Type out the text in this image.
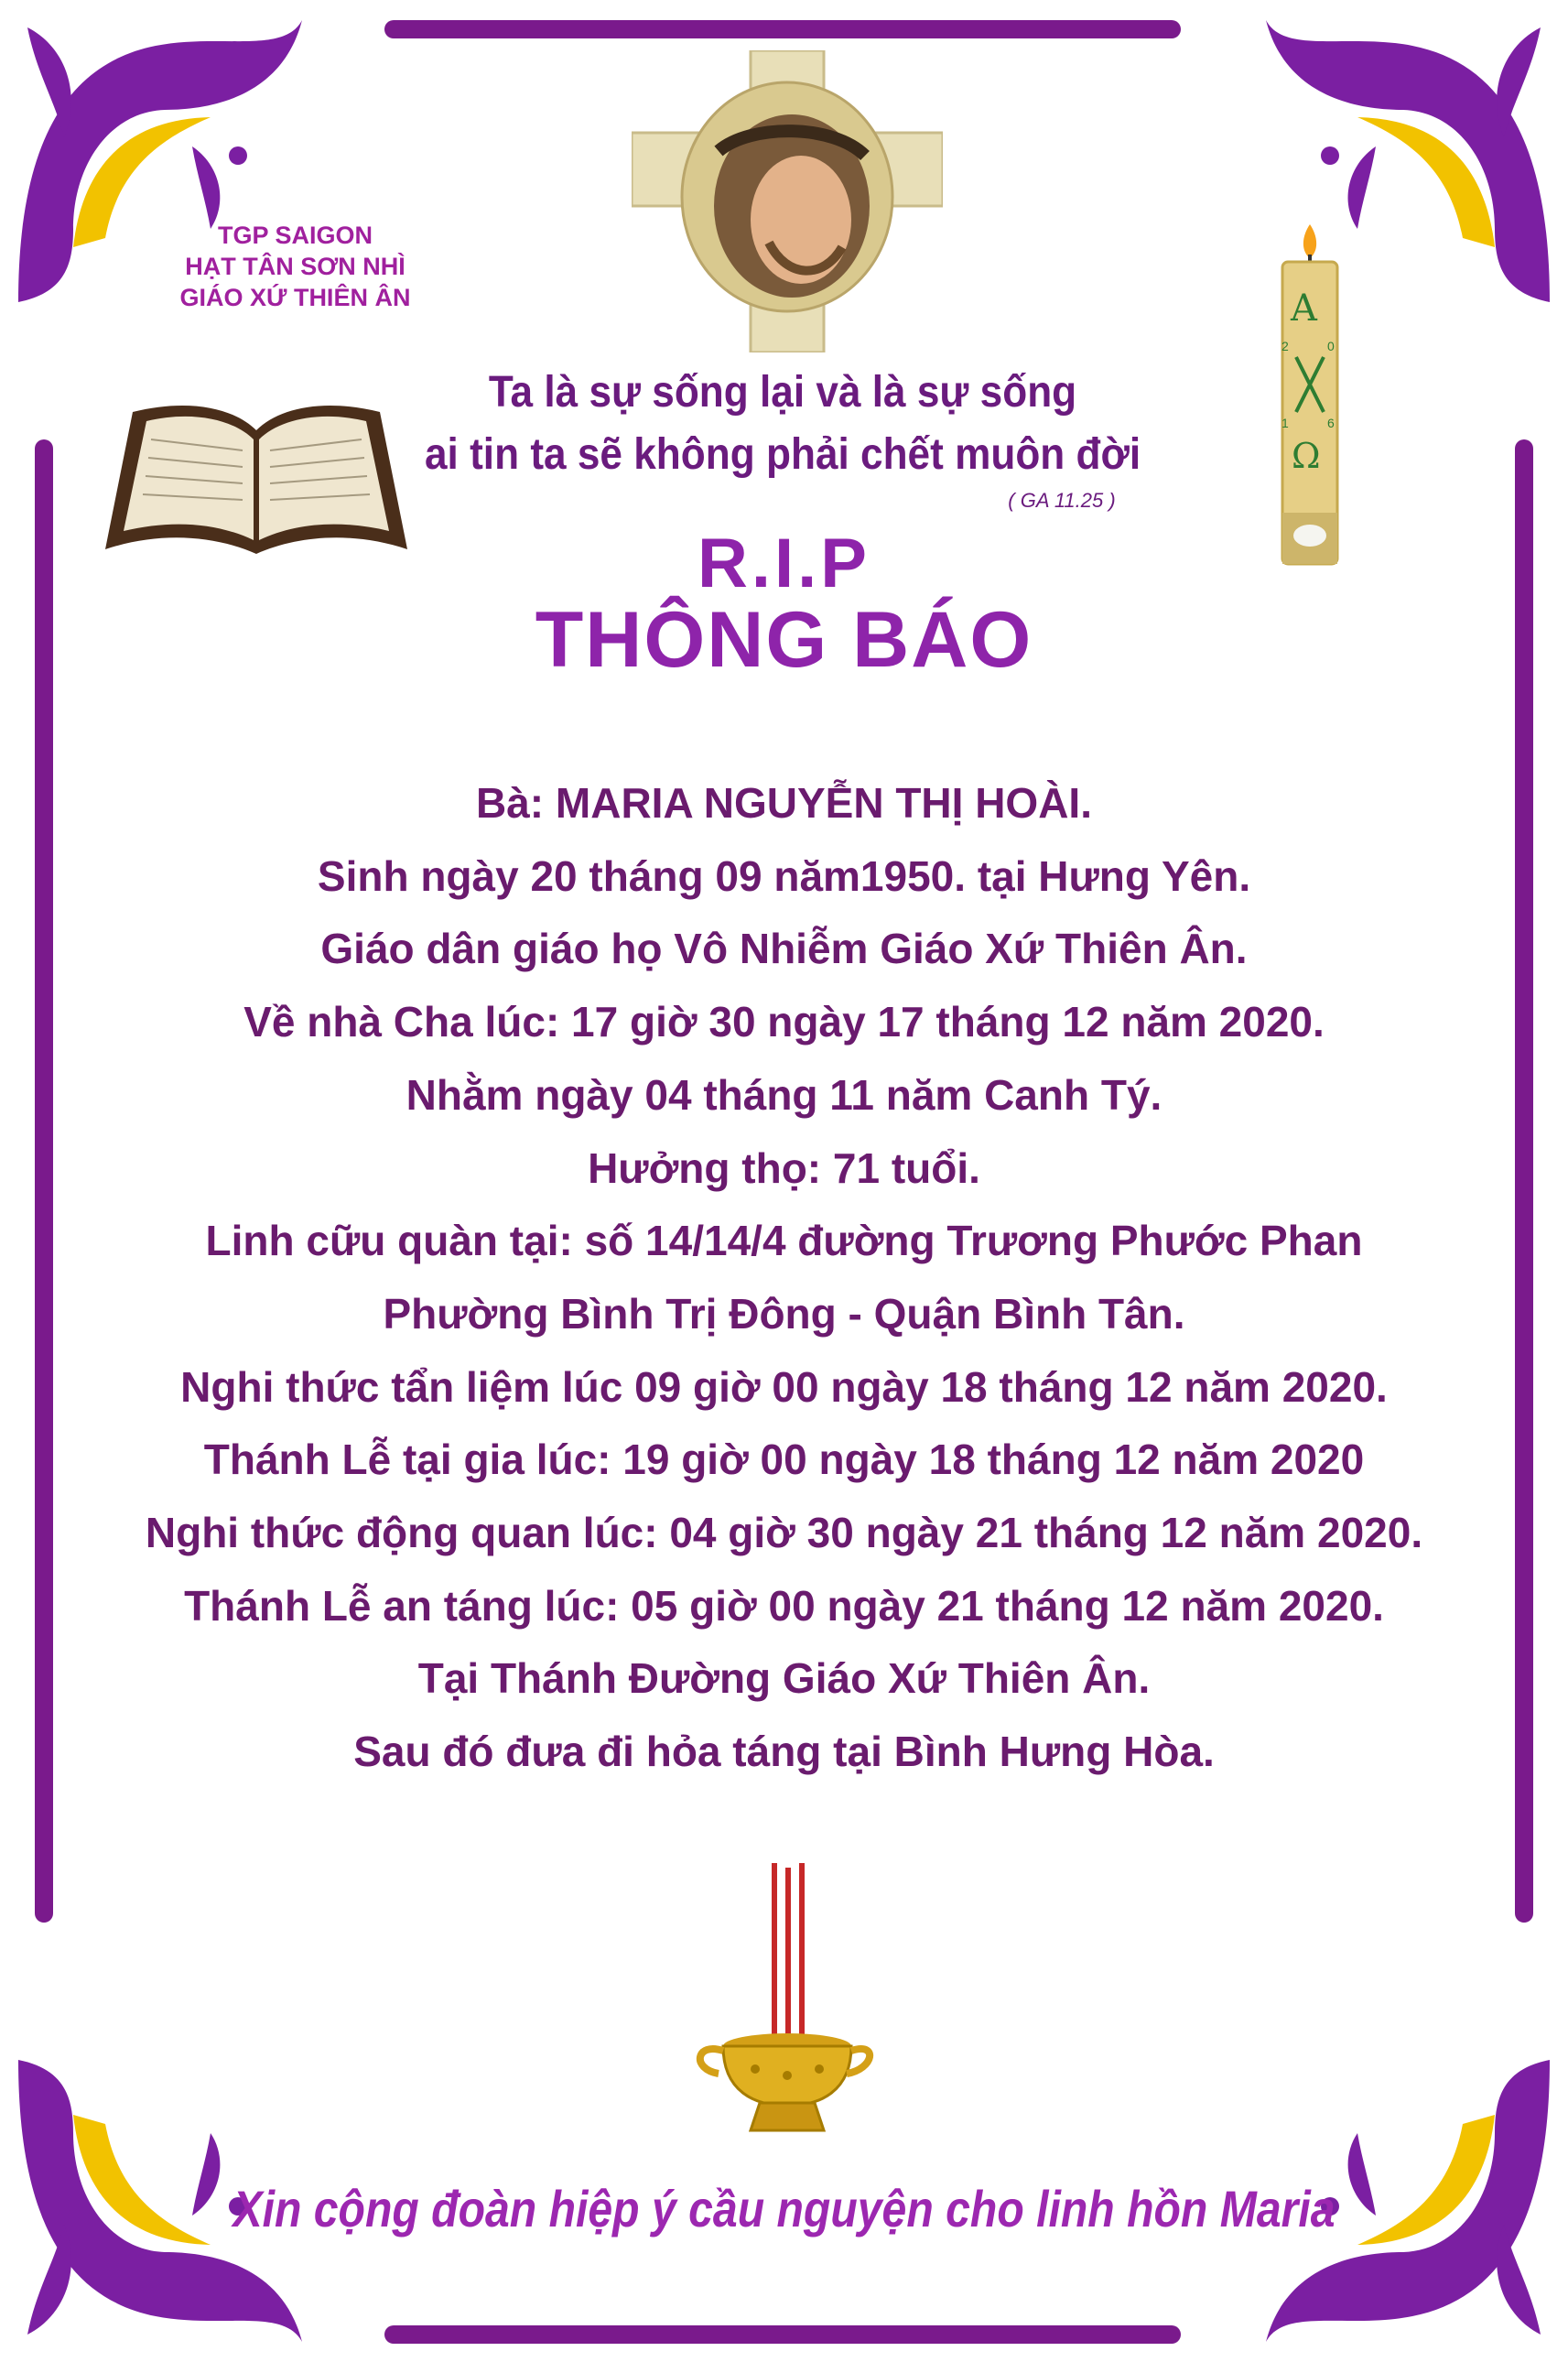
TGP SAIGON
HẠT TÂN SƠN NHÌ
GIÁO XỨ THIÊN ÂN	A
Ω
2	0
1	6
Ta là sự sống lại và là sự sống
ai tin ta sẽ không phải chết muôn đời
( GA 11.25 )
R.I.P
THÔNG BÁO
Bà: MARIA NGUYỄN THỊ HOÀI.
Sinh ngày 20 tháng 09 năm1950. tại Hưng Yên.
Giáo dân giáo họ Vô Nhiễm Giáo Xứ Thiên Ân.
Về nhà Cha lúc: 17 giờ 30 ngày 17 tháng 12 năm 2020.
Nhằm ngày 04 tháng 11 năm Canh Tý.
Hưởng thọ: 71 tuổi.
Linh cữu quàn tại: số 14/14/4 đường Trương Phước Phan
Phường Bình Trị Đông - Quận Bình Tân.
Nghi thức tẩn liệm lúc 09 giờ 00 ngày 18 tháng 12 năm 2020.
Thánh Lễ tại gia lúc: 19 giờ 00 ngày 18 tháng 12 năm 2020
Nghi thức động quan lúc: 04 giờ 30 ngày 21 tháng 12 năm 2020.
Thánh Lễ an táng lúc: 05 giờ 00 ngày 21 tháng 12 năm 2020.
Tại Thánh Đường Giáo Xứ Thiên Ân.
Sau đó đưa đi hỏa táng tại Bình Hưng Hòa.
Xin cộng đoàn hiệp ý cầu nguyện cho linh hồn Maria
